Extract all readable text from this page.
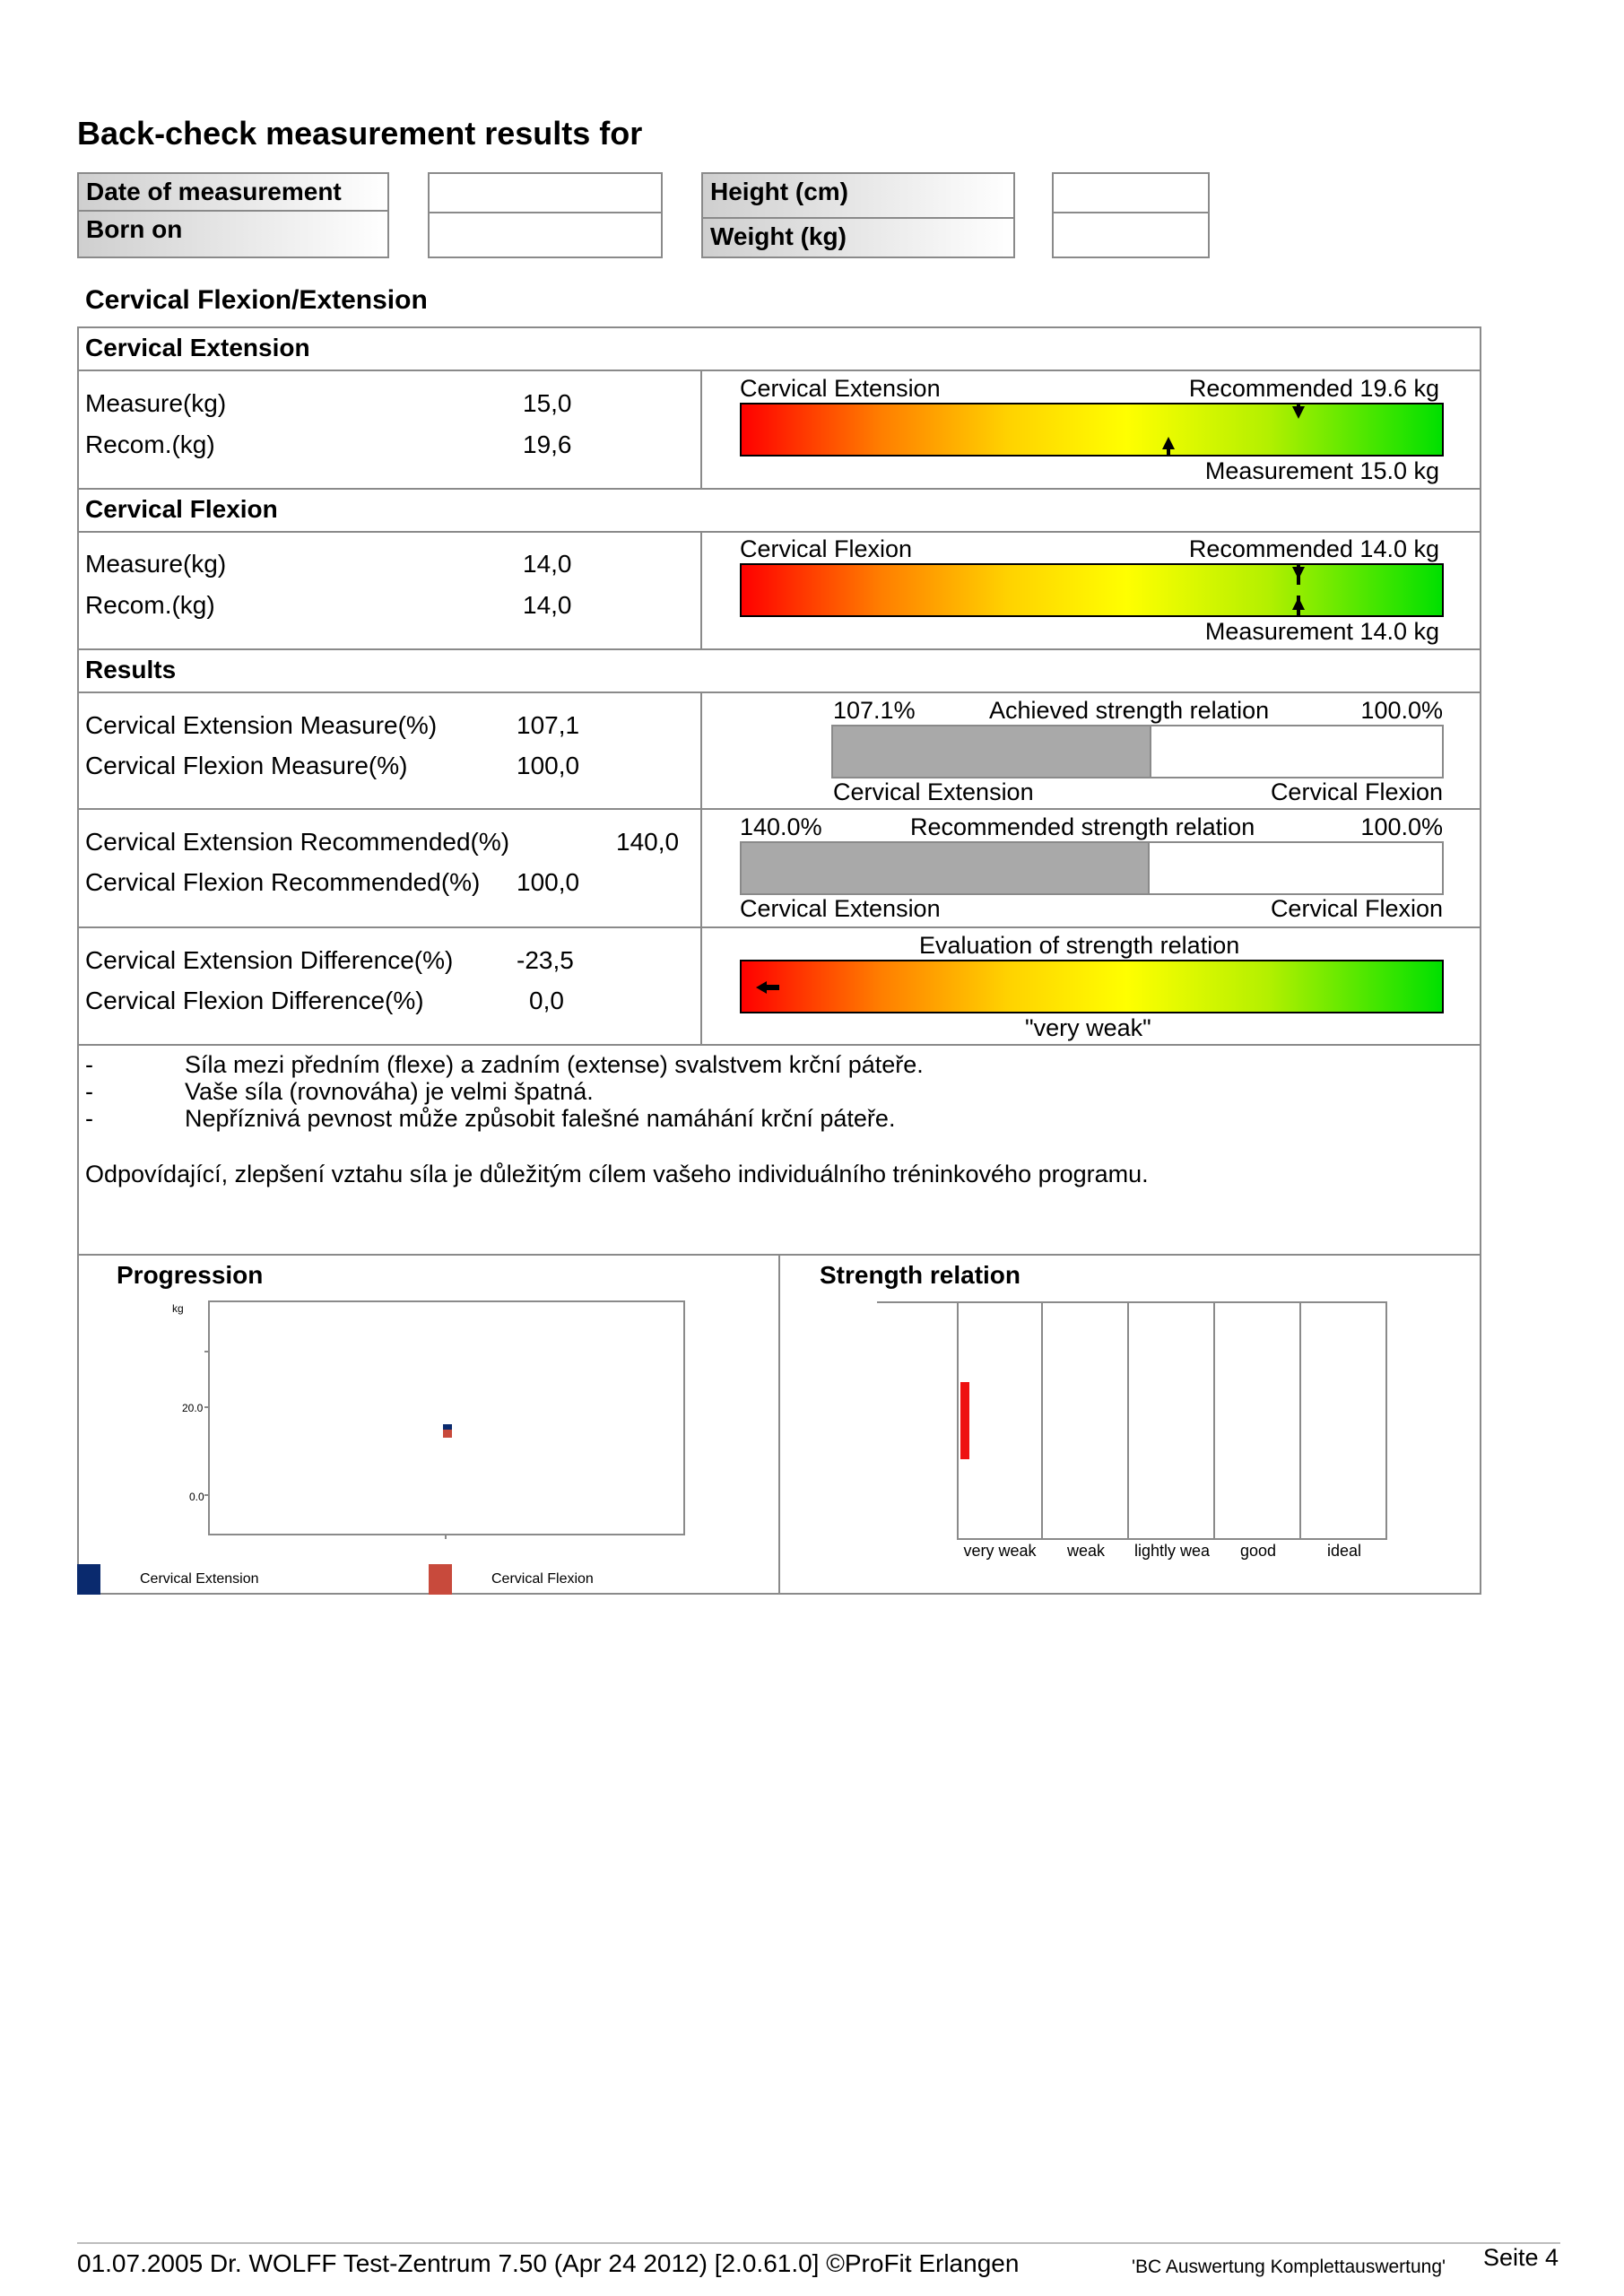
Back-check measurement results for
Date of measurement
Born on
Height (cm)
Weight (kg)
Cervical Flexion/Extension
Cervical Extension
Measure(kg)	15,0
Recom.(kg)	19,6
Cervical Extension	Recommended 19.6 kg
Measurement 15.0 kg
Cervical Flexion
Measure(kg)	14,0
Recom.(kg)	14,0
Cervical Flexion	Recommended 14.0 kg
Measurement 14.0 kg
Results
Cervical Extension Measure(%)	107,1
Cervical Flexion Measure(%)	100,0
107.1%	Achieved strength relation	100.0%
Cervical Extension	Cervical Flexion
Cervical Extension Recommended(%)	140,0
Cervical Flexion Recommended(%) 100,0
140.0%	Recommended strength relation	100.0%
Cervical Extension	Cervical Flexion
Cervical Extension Difference(%)	-23,5
Cervical Flexion Difference(%)	0,0
Evaluation of strength relation
"very weak"
-
-
-
Síla mezi předním (flexe) a zadním (extense) svalstvem krční páteře.
Vaše síla (rovnováha) je velmi špatná.
Nepříznivá pevnost může způsobit falešné namáhání krční páteře.
Odpovídající, zlepšení vztahu síla je důležitým cílem vašeho individuálního tréninkového programu.
Progression
kg
20.0
0.0
Cervical Extension	Cervical Flexion
Strength relation
very weak	weak	lightly wea	good	ideal
01.07.2005 Dr. WOLFF Test-Zentrum 7.50 (Apr 24 2012) [2.0.61.0] ©ProFit Erlangen	'BC Auswertung Komplettauswertung' Seite 4
